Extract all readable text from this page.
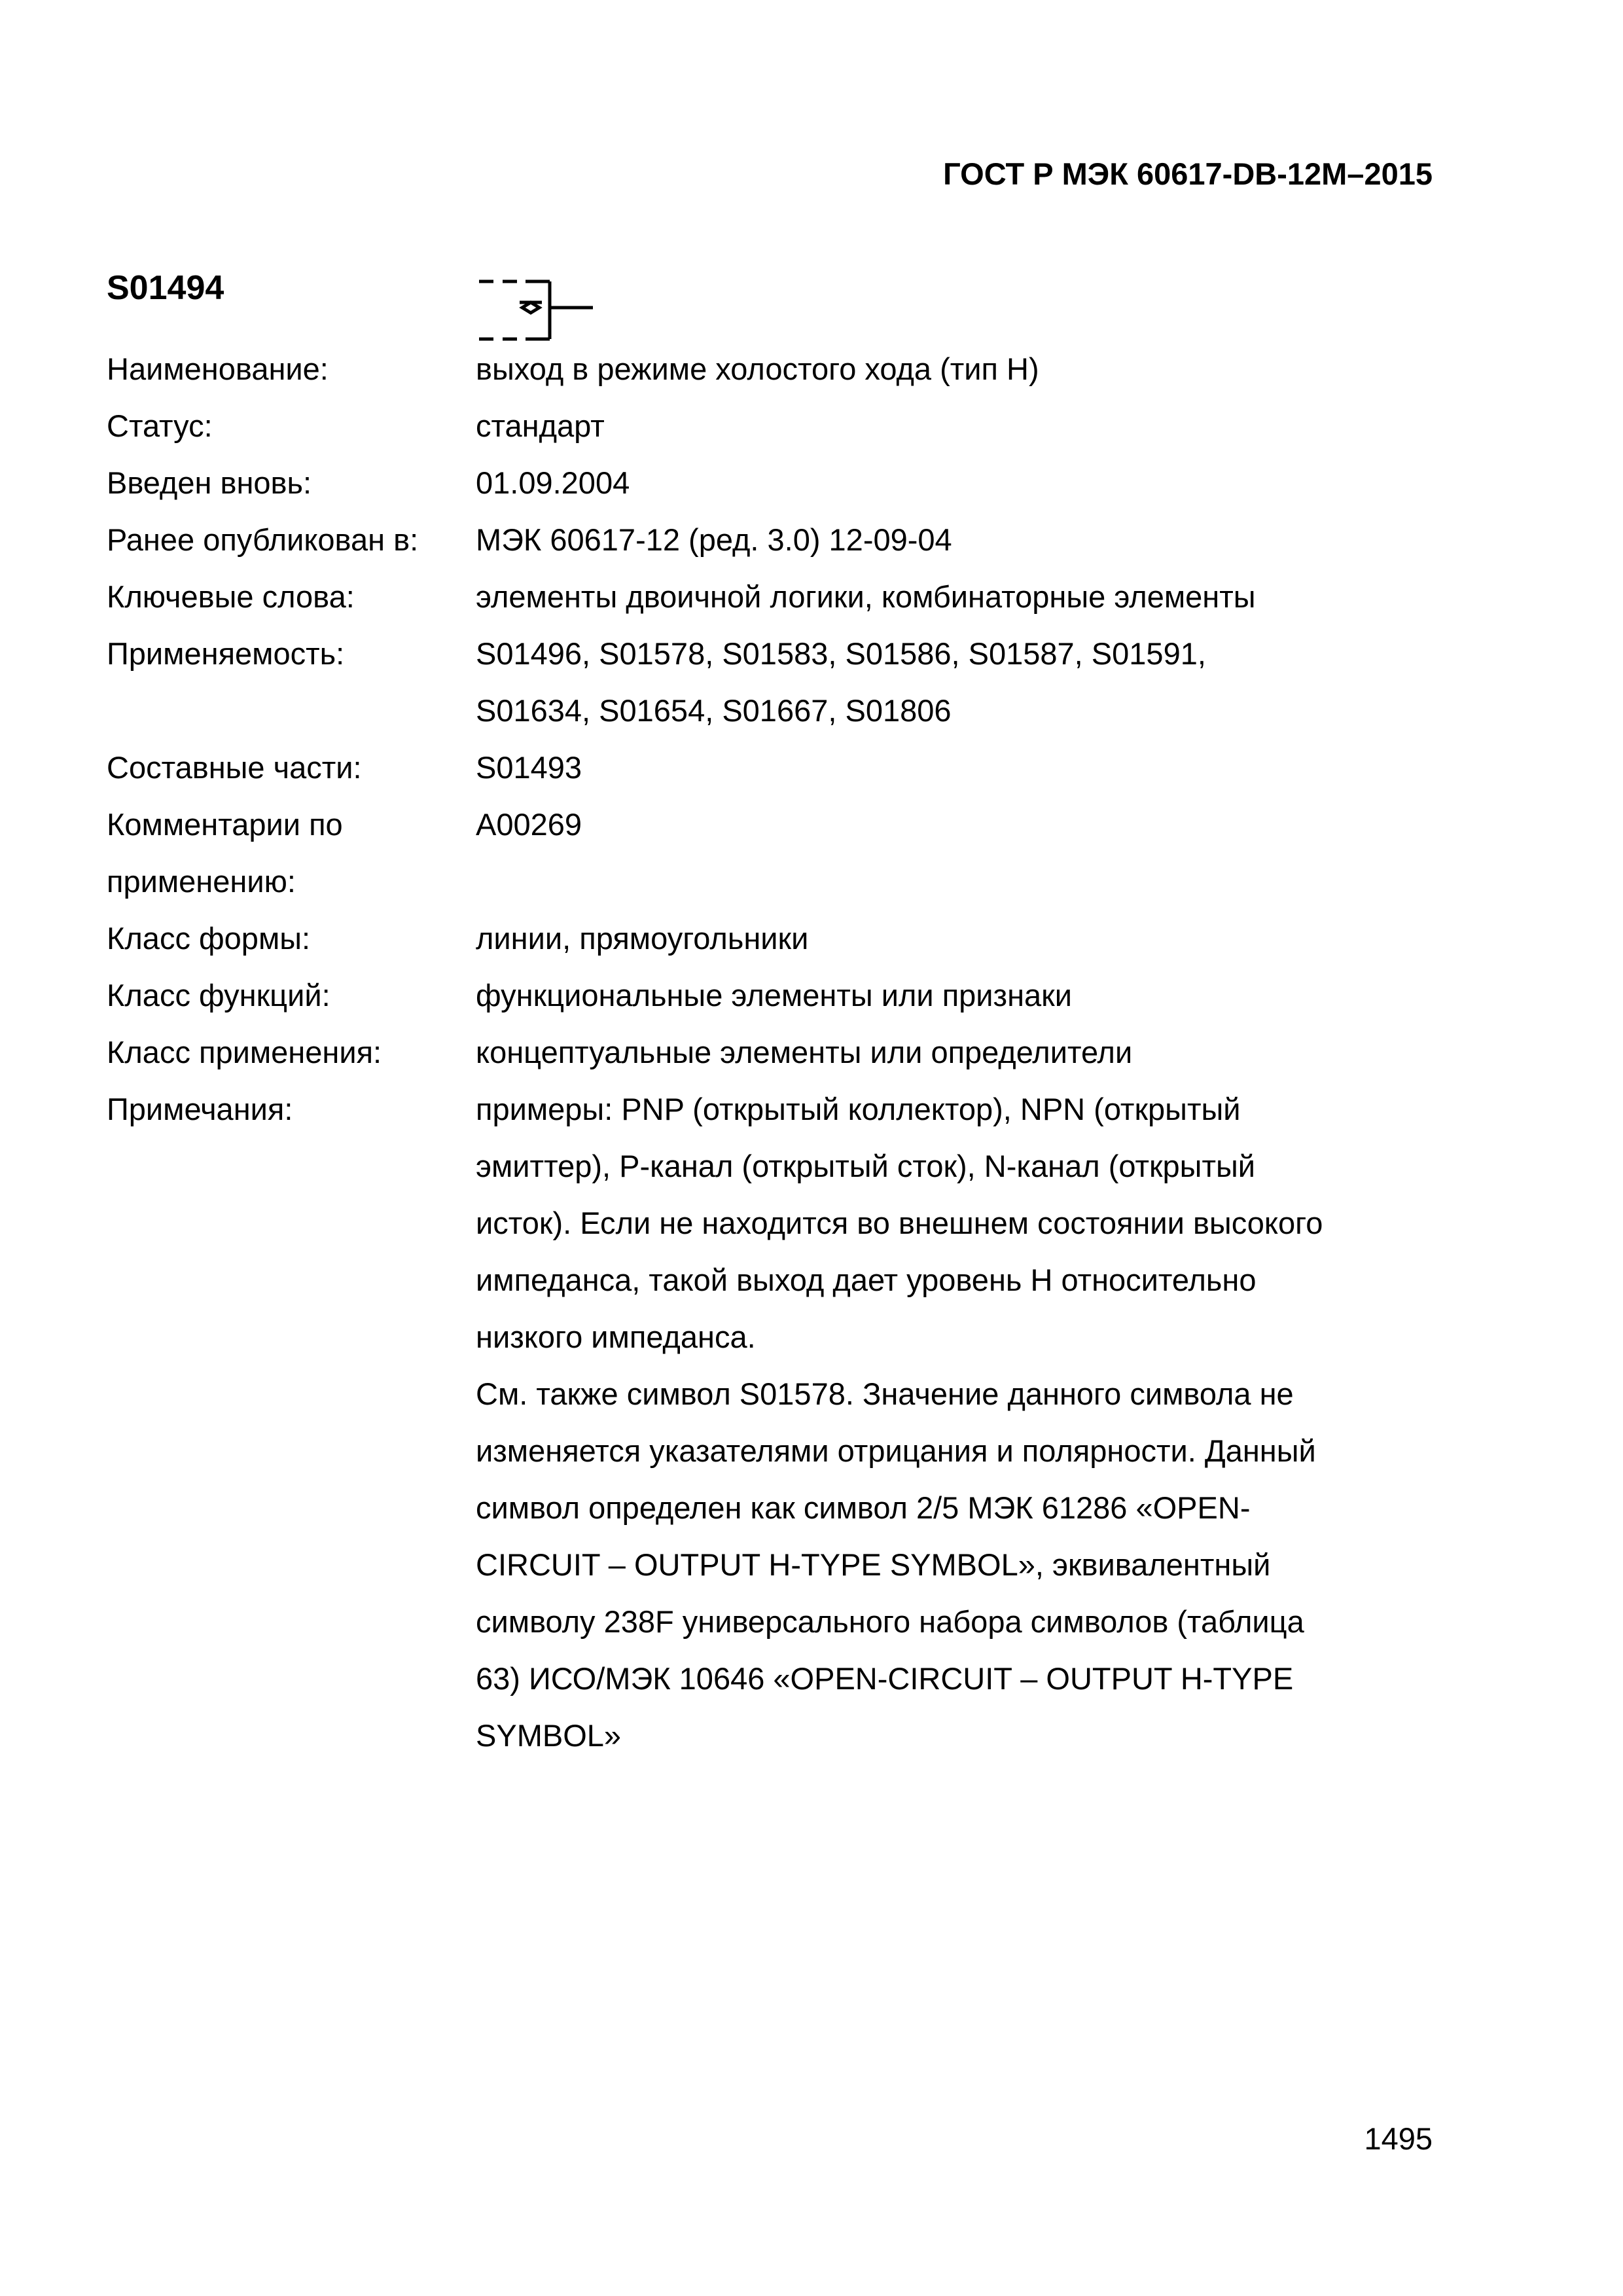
ГОСТ Р МЭК 60617-DB-12M–2015
S01494
Наименование:	выход в режиме холостого хода (тип H)
Статус:	стандарт
Введен вновь:	01.09.2004
Ранее опубликован в:	МЭК 60617-12 (ред. 3.0) 12-09-04
Ключевые слова:	элементы двоичной логики, комбинаторные элементы
Применяемость:	S01496, S01578, S01583, S01586, S01587, S01591, S01634, S01654, S01667, S01806
Составные части:	S01493
Комментарии по применению:
A00269
Класс формы:	линии, прямоугольники
Класс функций:	функциональные элементы или признаки
Класс применения:	концептуальные элементы или определители
Примечания:	примеры: PNP (открытый коллектор), NPN (открытый эмиттер), P-канал (открытый сток), N-канал (открытый исток). Если не находится во внешнем состоянии высокого импеданса, такой выход дает уровень H относительно низкого импеданса.

См. также символ S01578. Значение данного символа не изменяется указателями отрицания и полярности. Данный символ определен как символ 2/5 МЭК 61286 «OPEN-CIRCUIT – OUTPUT H-TYPE SYMBOL», эквивалентный символу 238F универсального набора символов (таблица 63) ИСО/МЭК 10646 «OPEN-CIRCUIT – OUTPUT H-TYPE SYMBOL»

1495
